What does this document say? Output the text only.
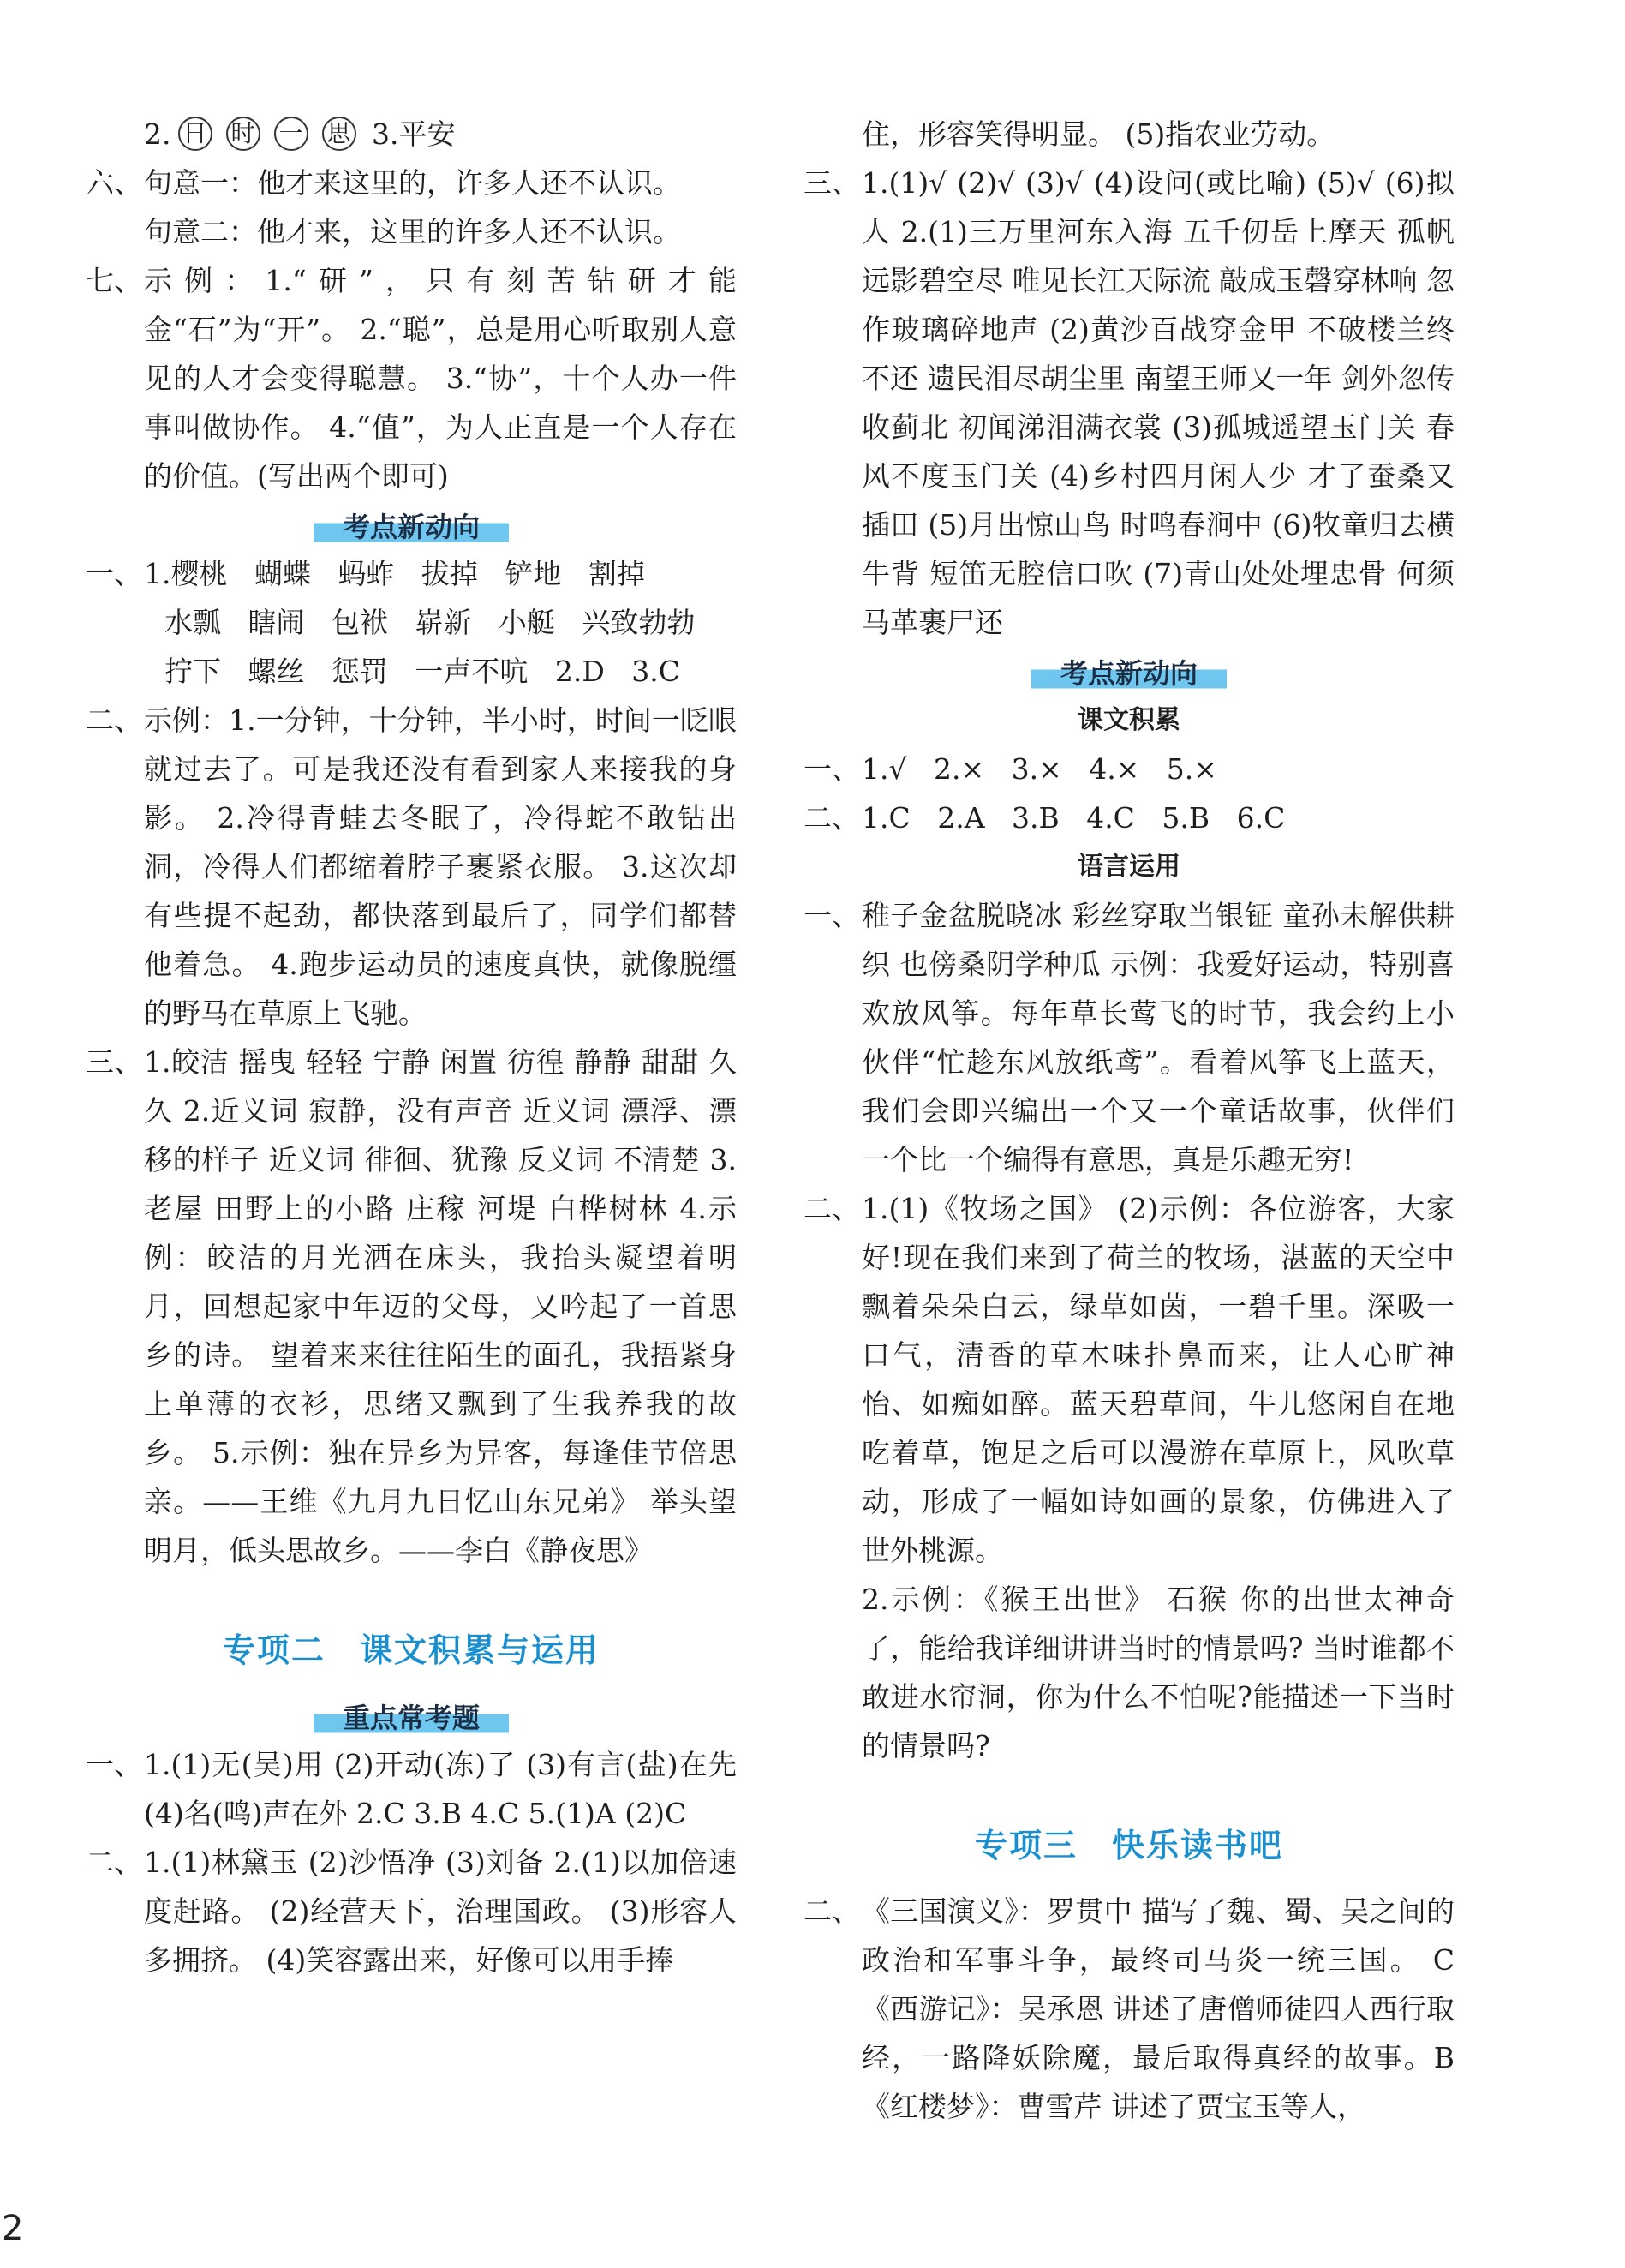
2. 日 时 一 思 3.平安
六、 句意一：他才来这里的，许多人还不认识。
句意二：他才来，这里的许多人还不认识。
七、 示例：1.“研”，只有刻苦钻研才能金“石”为“开”。 2.“聪”，总是用心听取别人意见的人才会变得聪慧。 3.“协”，十个人办一件事叫做协作。 4.“值”，为人正直是一个人存在的价值。(写出两个即可)
考点新动向
一、 1.樱桃   蝴蝶   蚂蚱   拔掉   铲地   割掉
水瓢   瞎闹   包袱   崭新   小艇   兴致勃勃
拧下   螺丝   惩罚   一声不吭   2.D   3.C
二、 示例：1.一分钟，十分钟，半小时，时间一眨眼就过去了。可是我还没有看到家人来接我的身影。 2.冷得青蛙去冬眠了，冷得蛇不敢钻出洞，冷得人们都缩着脖子裹紧衣服。 3.这次却有些提不起劲，都快落到最后了，同学们都替他着急。 4.跑步运动员的速度真快，就像脱缰的野马在草原上飞驰。
三、 1.皎洁 摇曳 轻轻 宁静 闲置 彷徨 静静 甜甜 久久 2.近义词 寂静，没有声音 近义词 漂浮、漂移的样子 近义词 徘徊、犹豫 反义词 不清楚 3.老屋 田野上的小路 庄稼 河堤 白桦树林 4.示例：皎洁的月光洒在床头，我抬头凝望着明月，回想起家中年迈的父母，又吟起了一首思乡的诗。 望着来来往往陌生的面孔，我捂紧身上单薄的衣衫，思绪又飘到了生我养我的故乡。 5.示例：独在异乡为异客，每逢佳节倍思亲。——王维《九月九日忆山东兄弟》 举头望明月，低头思故乡。——李白《静夜思》
专项二 课文积累与运用
重点常考题
一、 1.(1)无(吴)用 (2)开动(冻)了 (3)有言(盐)在先 (4)名(鸣)声在外 2.C 3.B 4.C 5.(1)A (2)C
二、 1.(1)林黛玉 (2)沙悟净 (3)刘备 2.(1)以加倍速度赶路。 (2)经营天下，治理国政。 (3)形容人多拥挤。 (4)笑容露出来，好像可以用手捧
住，形容笑得明显。 (5)指农业劳动。
三、 1.(1)√ (2)√ (3)√ (4)设问(或比喻) (5)√ (6)拟人 2.(1)三万里河东入海 五千仞岳上摩天 孤帆远影碧空尽 唯见长江天际流 敲成玉磬穿林响 忽作玻璃碎地声 (2)黄沙百战穿金甲 不破楼兰终不还 遗民泪尽胡尘里 南望王师又一年 剑外忽传收蓟北 初闻涕泪满衣裳 (3)孤城遥望玉门关 春风不度玉门关 (4)乡村四月闲人少 才了蚕桑又插田 (5)月出惊山鸟 时鸣春涧中 (6)牧童归去横牛背 短笛无腔信口吹 (7)青山处处埋忠骨 何须马革裹尸还
考点新动向
课文积累
一、 1.√   2.×   3.×   4.×   5.×
二、 1.C   2.A   3.B   4.C   5.B   6.C
语言运用
一、 稚子金盆脱晓冰 彩丝穿取当银钲 童孙未解供耕织 也傍桑阴学种瓜 示例：我爱好运动，特别喜欢放风筝。每年草长莺飞的时节，我会约上小伙伴“忙趁东风放纸鸢”。看着风筝飞上蓝天，我们会即兴编出一个又一个童话故事，伙伴们一个比一个编得有意思，真是乐趣无穷!
二、 1.(1)《牧场之国》 (2)示例：各位游客，大家好!现在我们来到了荷兰的牧场，湛蓝的天空中飘着朵朵白云，绿草如茵，一碧千里。深吸一口气，清香的草木味扑鼻而来，让人心旷神怡、如痴如醉。蓝天碧草间，牛儿悠闲自在地吃着草，饱足之后可以漫游在草原上，风吹草动，形成了一幅如诗如画的景象，仿佛进入了世外桃源。
2.示例：《猴王出世》 石猴 你的出世太神奇了，能给我详细讲讲当时的情景吗? 当时谁都不敢进水帘洞，你为什么不怕呢?能描述一下当时的情景吗?
专项三 快乐读书吧
二、 《三国演义》：罗贯中 描写了魏、蜀、吴之间的政治和军事斗争，最终司马炎一统三国。 C 《西游记》：吴承恩 讲述了唐僧师徒四人西行取经，一路降妖除魔，最后取得真经的故事。B 《红楼梦》：曹雪芹 讲述了贾宝玉等人，
2
